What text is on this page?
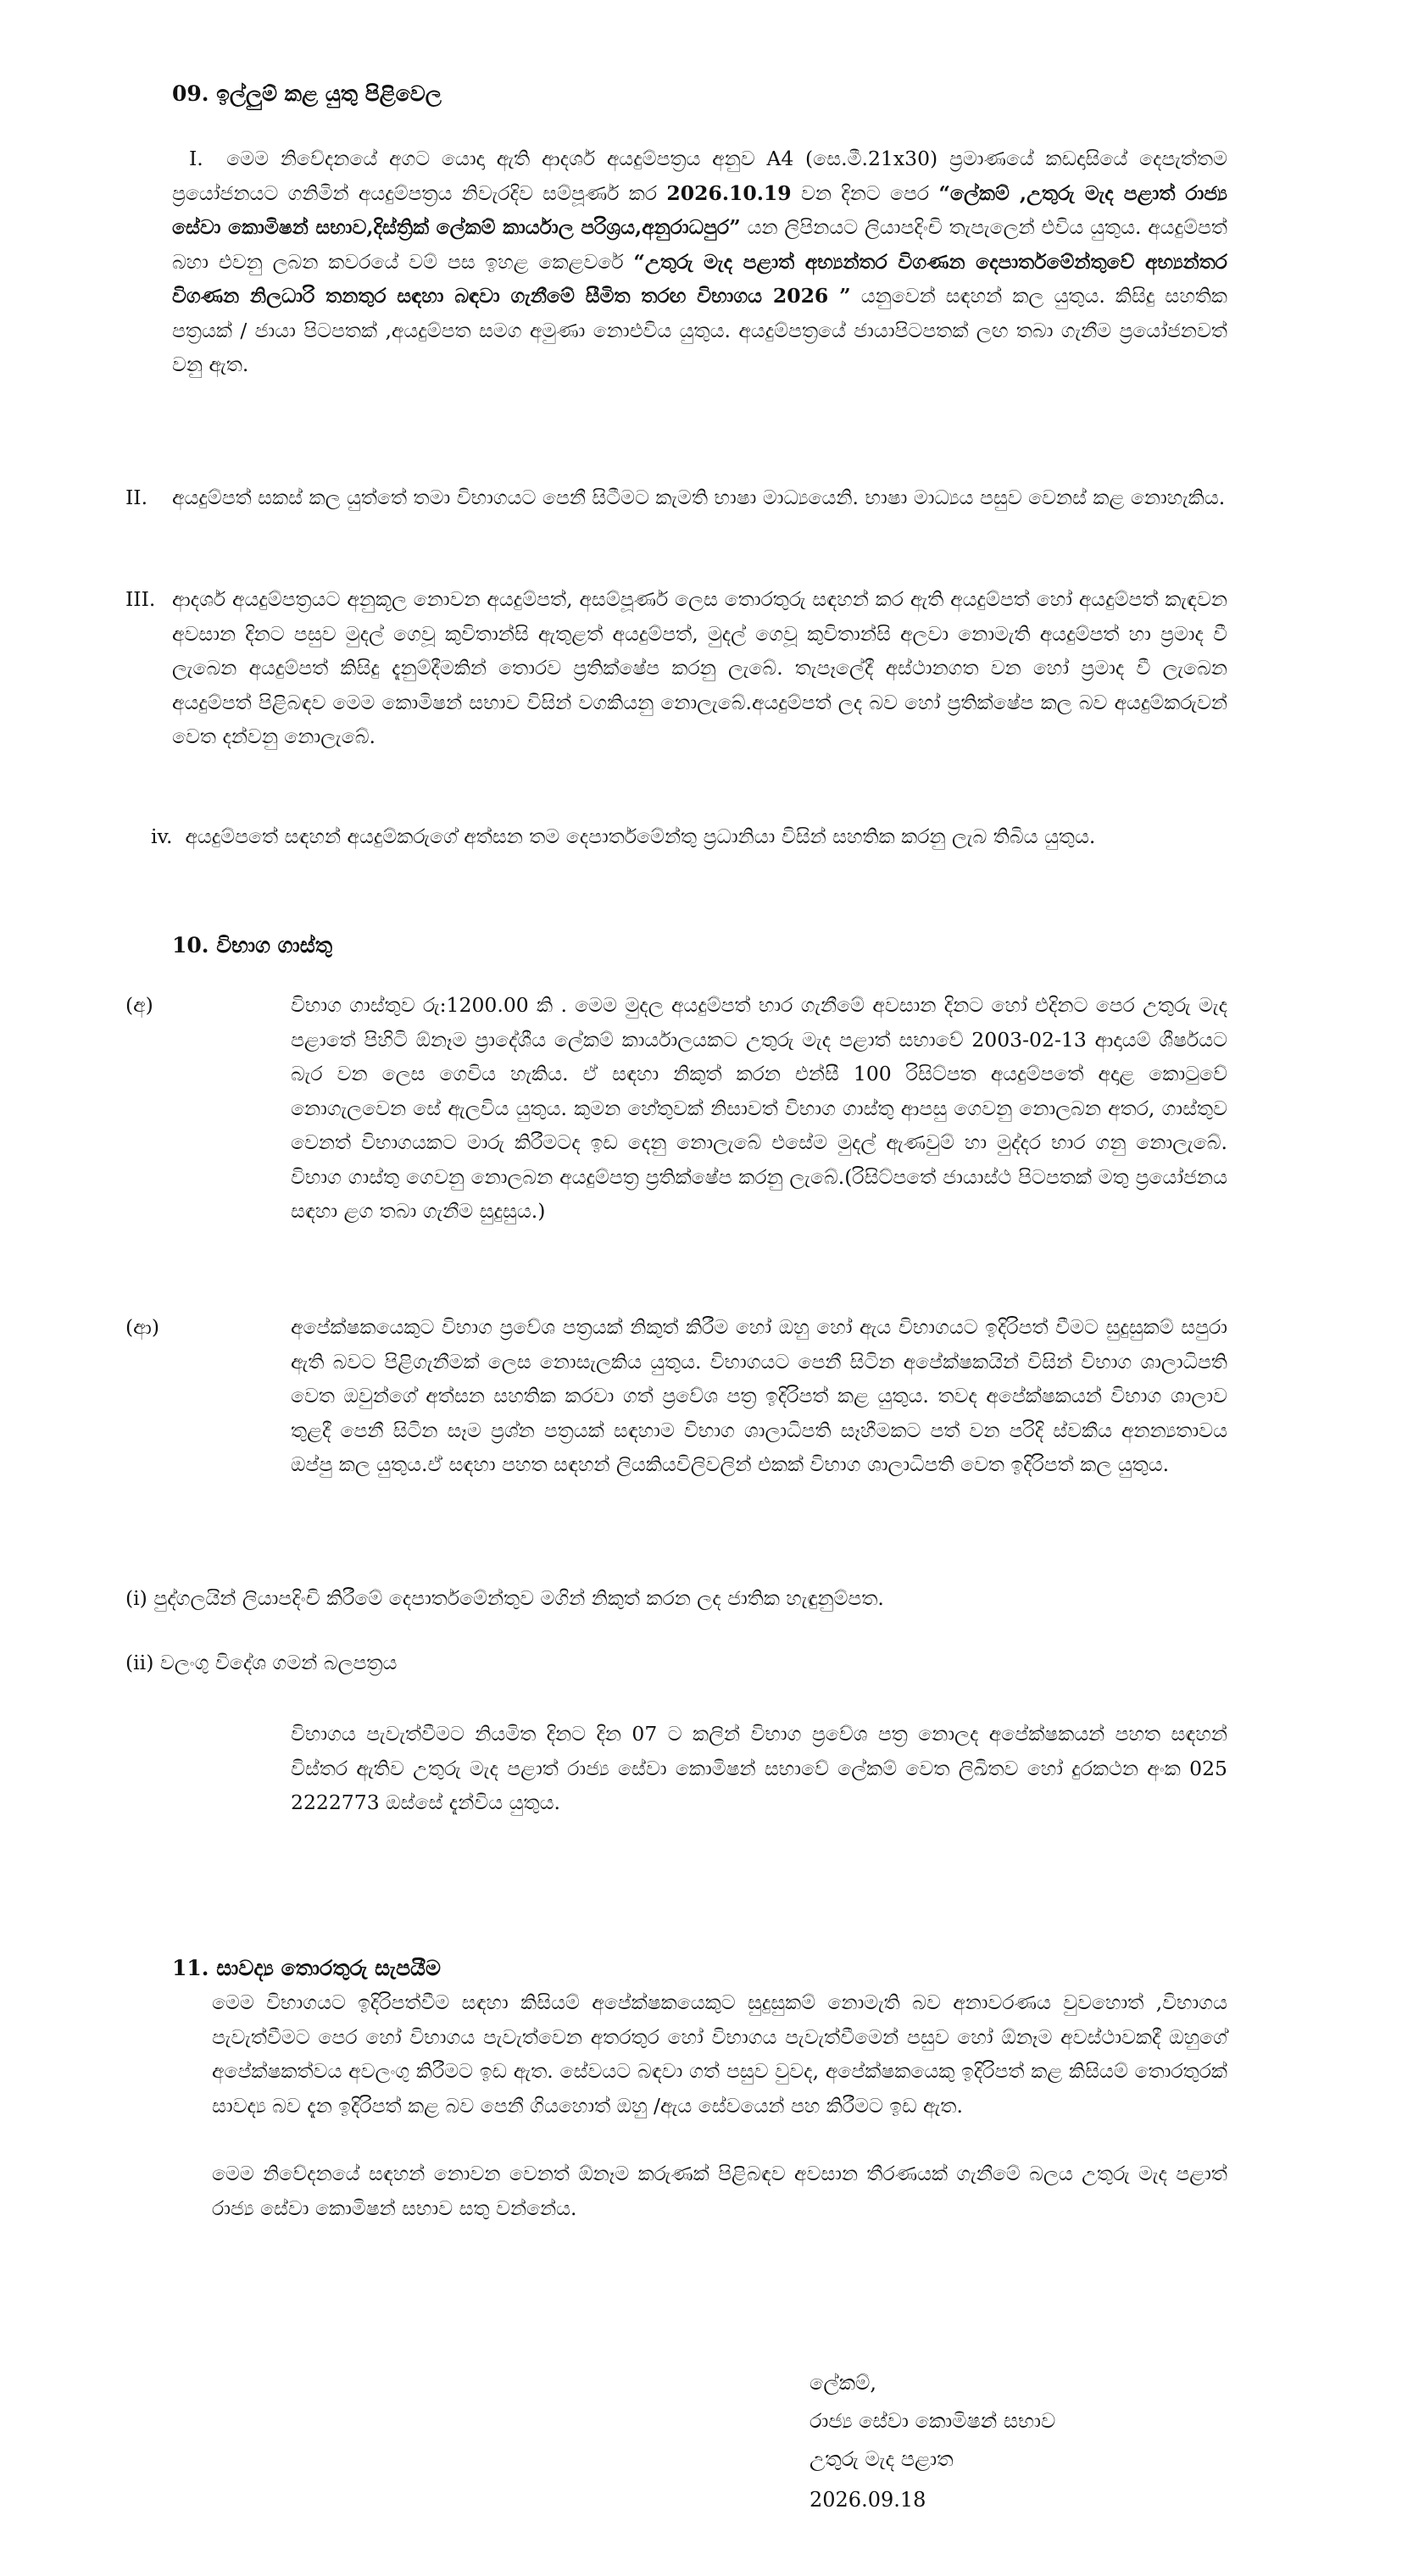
09. ඉල්ලුම් කළ යුතු පිළිවෙල
I. මෙම නිවේදනයේ අගට යොදා ඇති ආදර්ශ අයදුම්පත්‍රය අනුව A4 (සෙ.මී.21x30) ප්‍රමාණයේ කඩදාසියේ දෙපැත්තම ප්‍රයෝජනයට ගනිමින් අයදුම්පත්‍රය නිවැරදිව සම්පූර්ණ කර 2026.10.19 වන දිනට පෙර “ලේකම් ,උතුරු මැද පළාත් රාජ්‍ය සේවා කොමිෂන් සභාව,දිස්ත්‍රික් ලේකම් කාර්යාල පරිශ්‍රය,අනුරාධපුර” යන ලිපිනයට ලියාපදිංචි තැපැලෙන් එවිය යුතුය. අයදුම්පත් බහා එවනු ලබන කවරයේ වම් පස ඉහළ කෙළවරේ “උතුරු මැද පළාත් අභ්‍යන්තර විගණන දෙපාර්තමේන්තුවේ අභ්‍යන්තර විගණන නිලධාරි තනතුර සඳහා බඳවා ගැනීමේ සීමිත තරඟ විභාගය 2026 ” යනුවෙන් සඳහන් කල යුතුය. කිසිදු සහතික පත්‍රයක් / ජායා පිටපතක් ,අයදුම්පත සමග අමුණා නොඑවිය යුතුය. අයදුම්පත්‍රයේ ජායාපිටපතක් ලඟ තබා ගැනීම ප්‍රයෝජනවත් වනු ඇත.
II. අයදුම්පත් සකස් කල යුත්තේ තමා විභාගයට පෙනී සිටීමට කැමති භාෂා මාධ්‍යයෙනි. භාෂා මාධ්‍යය පසුව වෙනස් කළ නොහැකිය.
III. ආදර්ශ අයදුම්පත්‍රයට අනුකූල නොවන අයදුම්පත්, අසම්පූර්ණ ලෙස තොරතුරු සඳහන් කර ඇති අයදුම්පත් හෝ අයදුම්පත් කැඳවන අවසාන දිනට පසුව මුදල් ගෙවූ කුවිතාන්සි ඇතුළත් අයදුම්පත්, මුදල් ගෙවූ කුවිතාන්සි අලවා නොමැති අයදුම්පත් හා ප්‍රමාද වී ලැබෙන අයදුම්පත් කිසිදු දැනුම්දීමකින් තොරව ප්‍රතික්ෂේප කරනු ලැබේ. තැපෑලේදී අස්ථානගත වන හෝ ප්‍රමාද වී ලැබෙන අයදුම්පත් පිළිබඳව මෙම කොමිෂන් සභාව විසින් වගකියනු නොලැබේ.අයදුම්පත් ලද බව හෝ ප්‍රතික්ෂේප කල බව අයදුම්කරුවන් වෙත දන්වනු නොලැබේ.
iv. අයදුම්පතේ සඳහන් අයදුම්කරුගේ අත්සන තම දෙපාර්තමේන්තු ප්‍රධානියා විසින් සහතික කරනු ලැබ තිබිය යුතුය.
10. විභාග ගාස්තු
(අ)	විභාග ගාස්තුව රු:1200.00 කි . මෙම මුදල අයදුම්පත් භාර ගැනීමේ අවසාන දිනට හෝ එදිනට පෙර උතුරු මැද පළාතේ පිහිටි ඕනෑම ප්‍රාදේශීය ලේකම් කාර්යාලයකට උතුරු මැද පළාත් සභාවේ 2003-02-13 ආදායම් ශීර්ෂයට බැර වන ලෙස ගෙවිය හැකිය. ඒ සඳහා නිකුත් කරන එන්සී 100 රිසිට්පත අයදුම්පතේ අදාළ කොටුවේ නොගැලවෙන සේ ඇලවිය යුතුය. කුමන හේතුවක් නිසාවත් විභාග ගාස්තු ආපසු ගෙවනු නොලබන අතර, ගාස්තුව වෙනත් විභාගයකට මාරු කිරීමටද ඉඩ දෙනු නොලැබේ එසේම මුදල් ඇණවුම් හා මුද්දර භාර ගනු නොලැබේ. විභාග ගාස්තු ගෙවනු නොලබන අයදුම්පත්‍ර ප්‍රතික්ෂේප කරනු ලැබේ.(රිසිට්පතේ ජායාස්ථ පිටපතක් මතු ප්‍රයෝජනය සඳහා ළග තබා ගැනීම සුදුසුය.)
(ආ)	අපේක්ෂකයෙකුට විභාග ප්‍රවේශ පත්‍රයක් නිකුත් කිරීම හෝ ඔහු හෝ ඇය විභාගයට ඉදිරිපත් වීමට සුදුසුකම් සපුරා ඇති බවට පිළිගැනීමක් ලෙස නොසැලකිය යුතුය. විභාගයට පෙනී සිටින අපේක්ෂකයින් විසින් විභාග ශාලාධිපති වෙත ඔවුන්ගේ අත්සන සහතික කරවා ගත් ප්‍රවේශ පත්‍ර ඉදිරිපත් කළ යුතුය. තවද අපේක්ෂකයන් විභාග ශාලාව තුළදී පෙනී සිටින සෑම ප්‍රශ්න පත්‍රයක් සඳහාම විභාග ශාලාධිපති සෑහීමකට පත් වන පරිදි ස්වකීය අනන්‍යතාවය ඔප්පු කල යුතුය.ඒ සඳහා පහත සඳහන් ලියකියවිලිවලින් එකක් විභාග ශාලාධිපති වෙත ඉදිරිපත් කල යුතුය.
(i) පුද්ගලයින් ලියාපදිංචි කිරීමේ දෙපාර්තමේන්තුව මගින් නිකුත් කරන ලද ජාතික හැඳුනුම්පත.
(ii) වලංගු විදේශ ගමන් බලපත්‍රය
විභාගය පැවැත්වීමට නියමිත දිනට දින 07 ට කලින් විභාග ප්‍රවේශ පත්‍ර නොලද අපේක්ෂකයන් පහත සඳහන් විස්තර ඇතිව උතුරු මැද පළාත් රාජ්‍ය සේවා කොමිෂන් සභාවේ ලේකම් වෙත ලිඛිතව හෝ දුරකථන අංක 025 2222773 ඔස්සේ දැන්විය යුතුය.
11. සාවද්‍ය තොරතුරු සැපයීම
මෙම විභාගයට ඉදිරිපත්වීම සඳහා කිසියම් අපේක්ෂකයෙකුට සුදුසුකම් නොමැති බව අනාවරණය වුවහොත් ,විභාගය පැවැත්වීමට පෙර හෝ විභාගය පැවැත්වෙන අතරතුර හෝ විභාගය පැවැත්වීමෙන් පසුව හෝ ඕනෑම අවස්ථාවකදී ඔහුගේ අපේක්ෂකත්වය අවලංගු කිරීමට ඉඩ ඇත. සේවයට බඳවා ගත් පසුව වුවද, අපේක්ෂකයෙකු ඉදිරිපත් කළ කිසියම් තොරතුරක් සාවද්‍ය බව දැන ඉදිරිපත් කළ බව පෙනී ගියහොත් ඔහු /ඇය සේවයෙන් පහ කිරීමට ඉඩ ඇත.
මෙම නිවේදනයේ සඳහන් නොවන වෙනත් ඕනෑම කරුණක් පිළිබඳව අවසාන තීරණයක් ගැනීමේ බලය උතුරු මැද පළාත් රාජ්‍ය සේවා කොමිෂන් සභාව සතු වන්නේය.
ලේකම්,
රාජ්‍ය සේවා කොමිෂන් සභාව
උතුරු මැද පළාත
2026.09.18
